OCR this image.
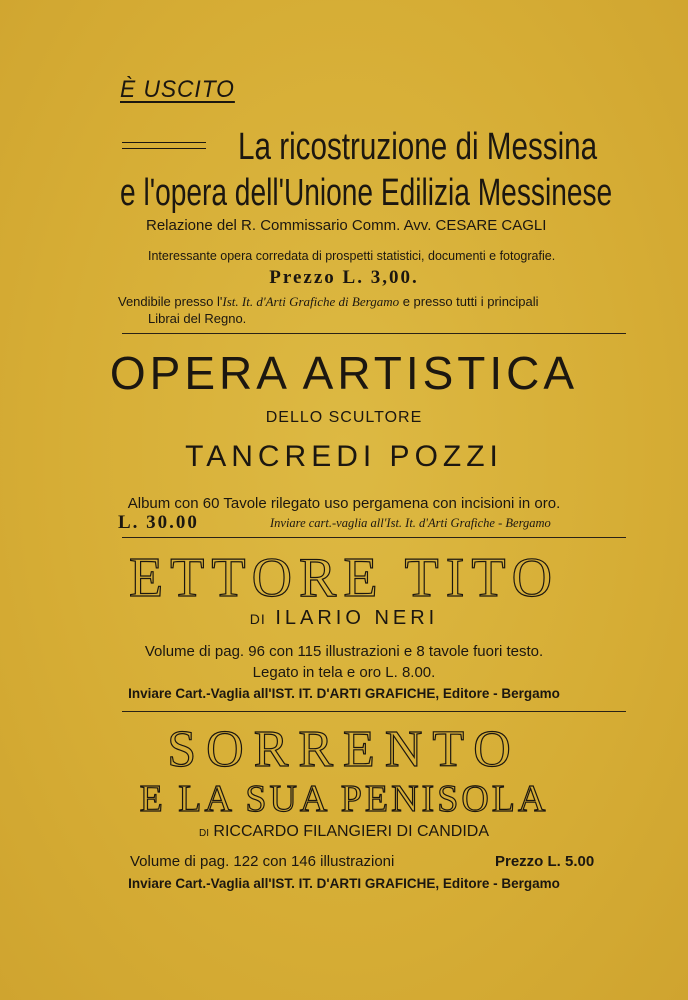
È USCITO
La ricostruzione di Messina
e l'opera dell'Unione Edilizia Messinese
Relazione del R. Commissario Comm. Avv. CESARE CAGLI
Interessante opera corredata di prospetti statistici, documenti e fotografie.
Prezzo L. 3,00.
Vendibile presso l'Ist. It. d'Arti Grafiche di Bergamo e presso tutti i principali
Librai del Regno.
OPERA ARTISTICA
DELLO SCULTORE
TANCREDI POZZI
Album con 60 Tavole rilegato uso pergamena con incisioni in oro.
L. 30.00	Inviare cart.-vaglia all'Ist. It. d'Arti Grafiche - Bergamo
ETTORE TITO
DI ILARIO NERI
Volume di pag. 96 con 115 illustrazioni e 8 tavole fuori testo.
Legato in tela e oro L. 8.00.
Inviare Cart.-Vaglia all'IST. IT. D'ARTI GRAFICHE, Editore - Bergamo
SORRENTO
E LA SUA PENISOLA
DI RICCARDO FILANGIERI DI CANDIDA
Volume di pag. 122 con 146 illustrazioni	Prezzo L. 5.00
Inviare Cart.-Vaglia all'IST. IT. D'ARTI GRAFICHE, Editore - Bergamo
